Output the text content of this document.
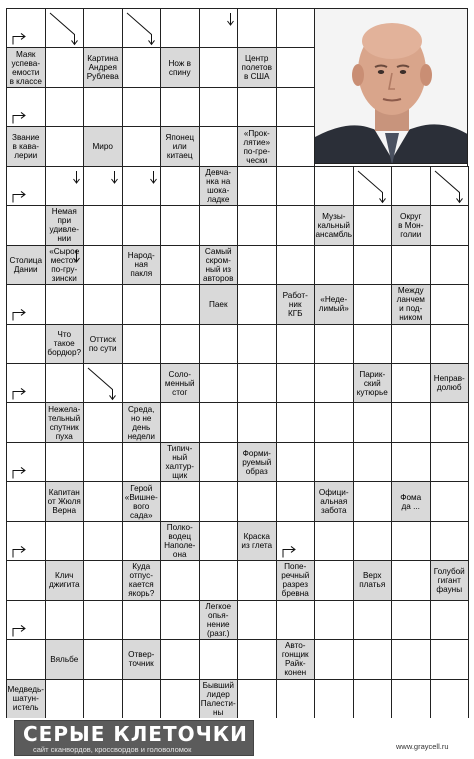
Маяк
успева-
емости
в классе
Картина
Андрея
Рублева
Нож в
спину
Центр
полетов
в США
Звание
в кава-
лерии
Миро
Японец
или
китаец
«Прок-
лятие»
по-гре-
чески
Девча-
нка на
шока-
ладке
Немая
при
удивле-
нии
Музы-
кальный
ансамбль
Округ
в Мон-
голии
Столица
Дании
«Сырое
место»
по-гру-
зински
Народ-
ная
пакля
Самый
скром-
ный из
авторов
Паек
Работ-
ник
КГБ
«Неде-
лимый»
Между
ланчем
и под-
ником
Что
такое
бордюр?
Оттиск
по сути
Соло-
менный
стог
Парик-
ский
кутюрье
Неправ-
долюб
Нежела-
тельный
спутник
пуха
Среда,
но не
день
недели
Типич-
ный
халтур-
щик
Форми-
руемый
образ
Капитан
от Жюля
Верна
Герой
«Вишне-
вого
сада»
Офици-
альная
забота
Фома
да ...
Полко-
водец
Наполе-
она
Краска
из глета
Клич
джигита
Куда
отпус-
кается
якорь?
Попе-
речный
разрез
бревна
Верх
платья
Голубой
гигант
фауны
Легкое
опья-
нение
(разг.)
Вяльбе	Отвер-
точник
Авто-
гонщик
Райк-
конен
Медведь-
шатун-
истель
Бывший
лидер
Палести-
ны
СЕРЫЕ КЛЕТОЧКИ
сайт сканвордов, кроссвордов и головоломок	www.graycell.ru
